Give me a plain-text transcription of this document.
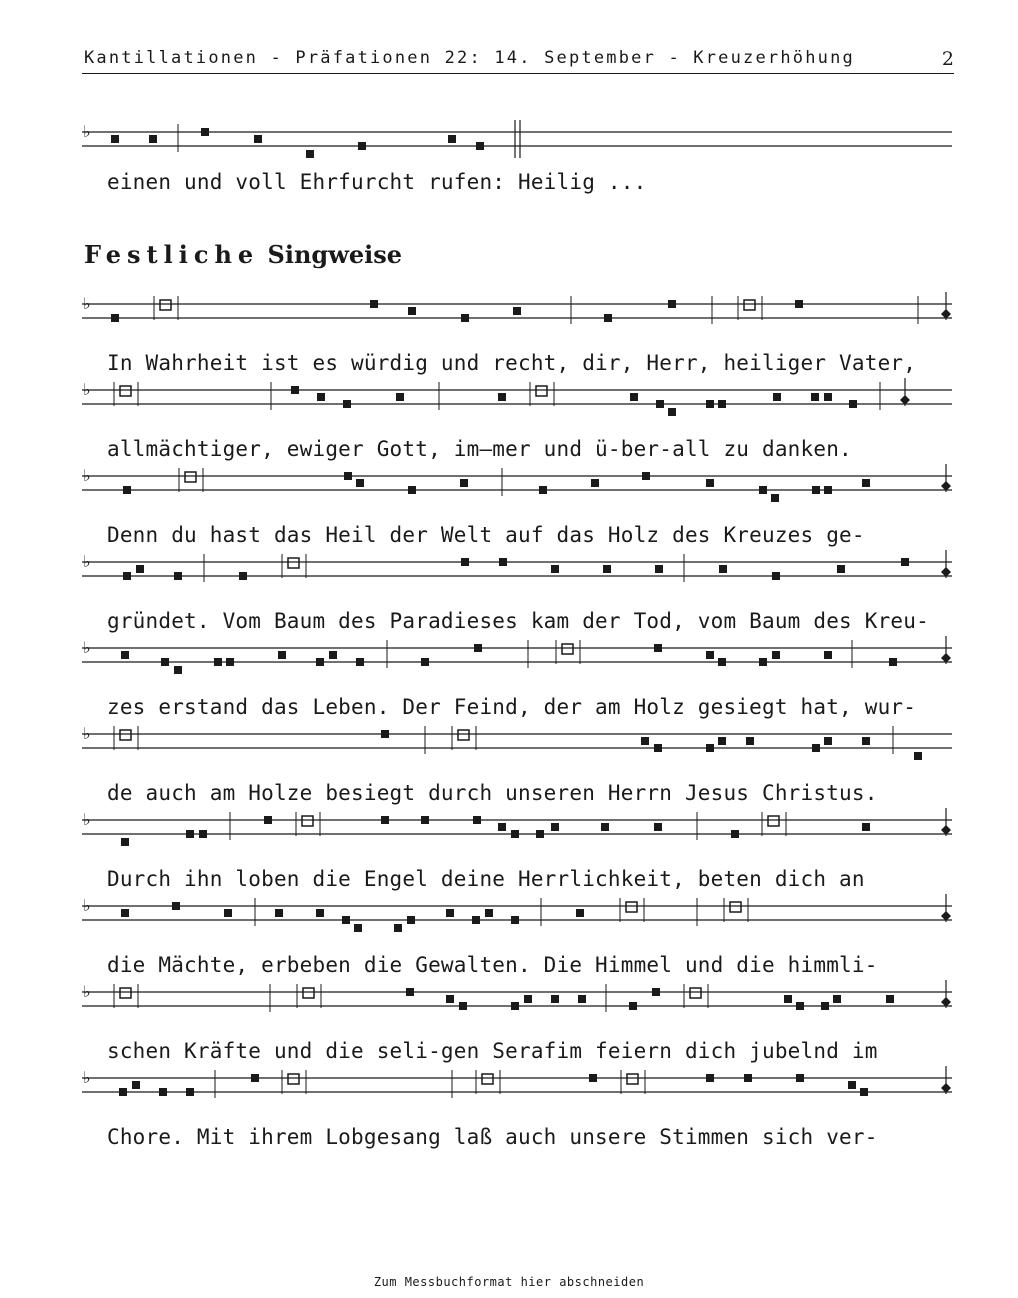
Kantillationen - Präfationen 22: 14. September - Kreuzerhöhung	2
♭
einen und voll Ehrfurcht rufen: Heilig ...
Festliche Singweise
♭
In Wahrheit ist es würdig und recht, dir, Herr, heiliger Vater,
♭
allmächtiger, ewiger Gott, im—mer und ü-ber-all zu danken.
♭
Denn du hast das Heil der Welt auf das Holz des Kreuzes ge-
♭
gründet. Vom Baum des Paradieses kam der Tod, vom Baum des Kreu-
♭
zes erstand das Leben. Der Feind, der am Holz gesiegt hat, wur-
♭
de auch am Holze besiegt durch unseren Herrn Jesus Christus.
♭
Durch ihn loben die Engel deine Herrlichkeit, beten dich an
♭
die Mächte, erbeben die Gewalten. Die Himmel und die himmli-
♭
schen Kräfte und die seli-gen Serafim feiern dich jubelnd im
♭
Chore. Mit ihrem Lobgesang laß auch unsere Stimmen sich ver-
Zum Messbuchformat hier abschneiden
